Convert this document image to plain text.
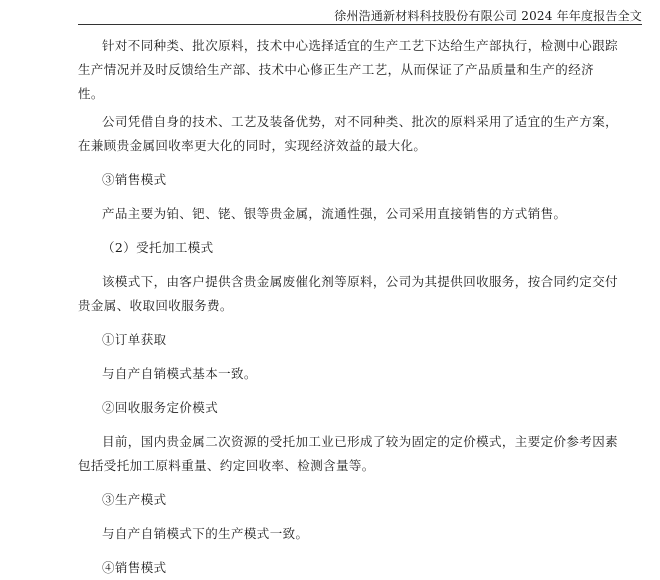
徐州浩通新材料科技股份有限公司 2024 年年度报告全文

针对不同种类、批次原料，技术中心选择适宜的生产工艺下达给生产部执行，检测中心跟踪生产情况并及时反馈给生产部、技术中心修正生产工艺，从而保证了产品质量和生产的经济性。

公司凭借自身的技术、工艺及装备优势，对不同种类、批次的原料采用了适宜的生产方案，在兼顾贵金属回收率更大化的同时，实现经济效益的最大化。

③销售模式

产品主要为铂、钯、铑、银等贵金属，流通性强，公司采用直接销售的方式销售。

（2）受托加工模式

该模式下，由客户提供含贵金属废催化剂等原料，公司为其提供回收服务，按合同约定交付贵金属、收取回收服务费。

①订单获取

与自产自销模式基本一致。

②回收服务定价模式

目前，国内贵金属二次资源的受托加工业已形成了较为固定的定价模式，主要定价参考因素包括受托加工原料重量、约定回收率、检测含量等。

③生产模式

与自产自销模式下的生产模式一致。

④销售模式
